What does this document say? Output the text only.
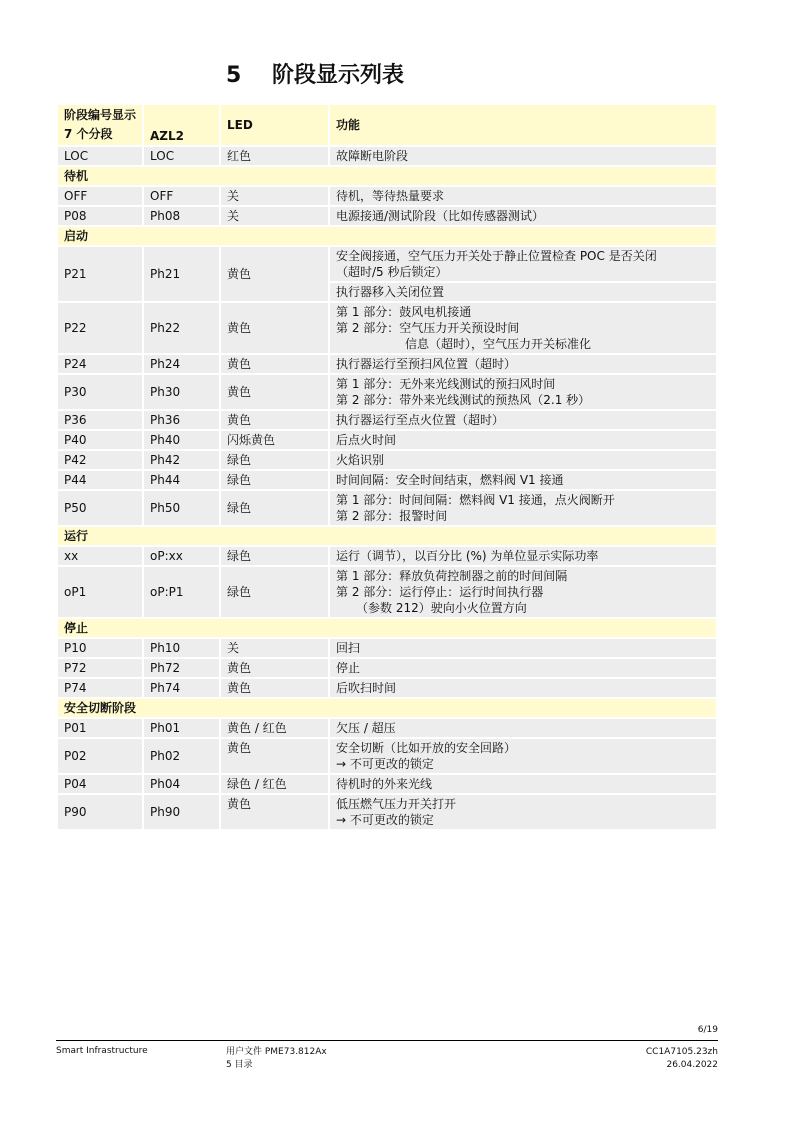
5 阶段显示列表
阶段编号显示
7 个分段	AZL2	LED	功能
LOC	LOC	红色	故障断电阶段

待机			
OFF	OFF	关	待机，等待热量要求

P08	Ph08	关	电源接通/测试阶段（比如传感器测试）

启动			
P21	Ph21	黄色	安全阀接通，空气压力开关处于静止位置检查 POC 是否关闭
（超时/5 秒后锁定）

			执行器移入关闭位置

P22	Ph22	黄色	第 1 部分：鼓风电机接通
第 2 部分：空气压力开关预设时间
信息（超时），空气压力开关标准化

P24	Ph24	黄色	执行器运行至预扫风位置（超时）

P30	Ph30	黄色	第 1 部分：无外来光线测试的预扫风时间
第 2 部分：带外来光线测试的预热风（2.1 秒）

P36	Ph36	黄色	执行器运行至点火位置（超时）

P40	Ph40	闪烁黄色	后点火时间

P42	Ph42	绿色	火焰识别

P44	Ph44	绿色	时间间隔：安全时间结束，燃料阀 V1 接通

P50	Ph50	绿色	第 1 部分：时间间隔：燃料阀 V1 接通，点火阀断开
第 2 部分：报警时间

运行			
xx	oP:xx	绿色	运行（调节），以百分比 (%) 为单位显示实际功率

oP1	oP:P1	绿色	第 1 部分：释放负荷控制器之前的时间间隔
第 2 部分：运行停止：运行时间执行器
（参数 212）驶向小火位置方向

停止			
P10	Ph10	关	回扫

P72	Ph72	黄色	停止

P74	Ph74	黄色	后吹扫时间

安全切断阶段			
P01	Ph01	黄色 / 红色	欠压 / 超压

P02	Ph02	黄色	安全切断（比如开放的安全回路）
→ 不可更改的锁定

P04	Ph04	绿色 / 红色	待机时的外来光线

P90	Ph90	黄色	低压燃气压力开关打开
→ 不可更改的锁定
6/19
Smart Infrastructure	用户文件 PME73.812Ax
5 目录
CC1A7105.23zh
26.04.2022
